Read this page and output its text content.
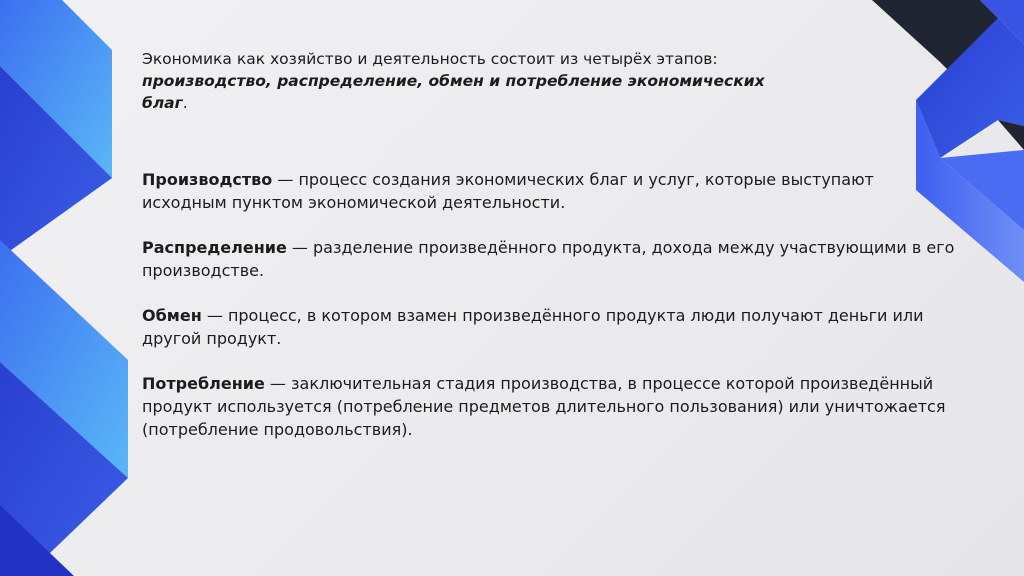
Экономика как хозяйство и деятельность состоит из четырёх этапов: производство, распределение, обмен и потребление экономических благ.

Производство — процесс создания экономических благ и услуг, которые выступают исходным пунктом экономической деятельности.

Распределение — разделение произведённого продукта, дохода между участвующими в его производстве.

Обмен — процесс, в котором взамен произведённого продукта люди получают деньги или другой продукт.

Потребление — заключительная стадия производства, в процессе которой произведённый продукт используется (потребление предметов длительного пользования) или уничтожается (потребление продовольствия).
